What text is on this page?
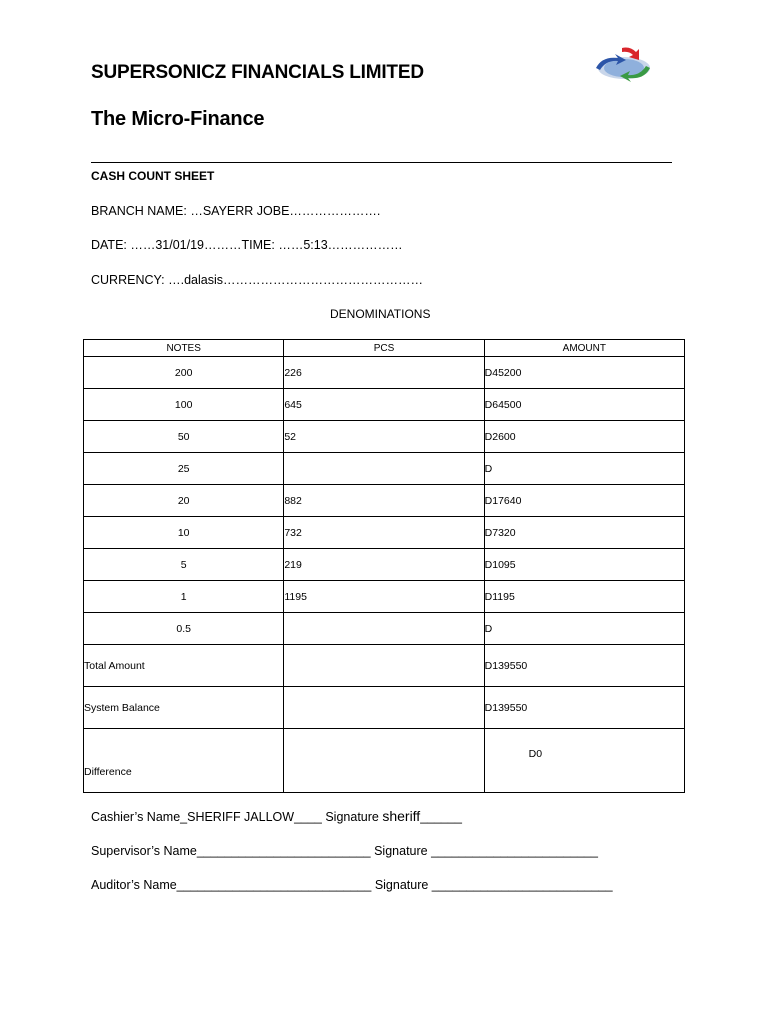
SUPERSONICZ FINANCIALS LIMITED
The Micro-Finance
CASH COUNT SHEET
BRANCH NAME: …SAYERR JOBE………………….
DATE: ……31/01/19………TIME: ……5:13………………
CURRENCY: ….dalasis…………………………………………
DENOMINATIONS
NOTES	PCS	AMOUNT
200	226	D45200
100	645	D64500
50	52	D2600
25		D
20	882	D17640
10	732	D7320
5	219	D1095
1	1195	D1195
0.5		D
Total Amount		D139550
System Balance		D139550
Difference		D0
Cashier’s Name_SHERIFF JALLOW____ Signature sheriff______
Supervisor’s Name_________________________ Signature ________________________
Auditor’s Name____________________________ Signature __________________________
